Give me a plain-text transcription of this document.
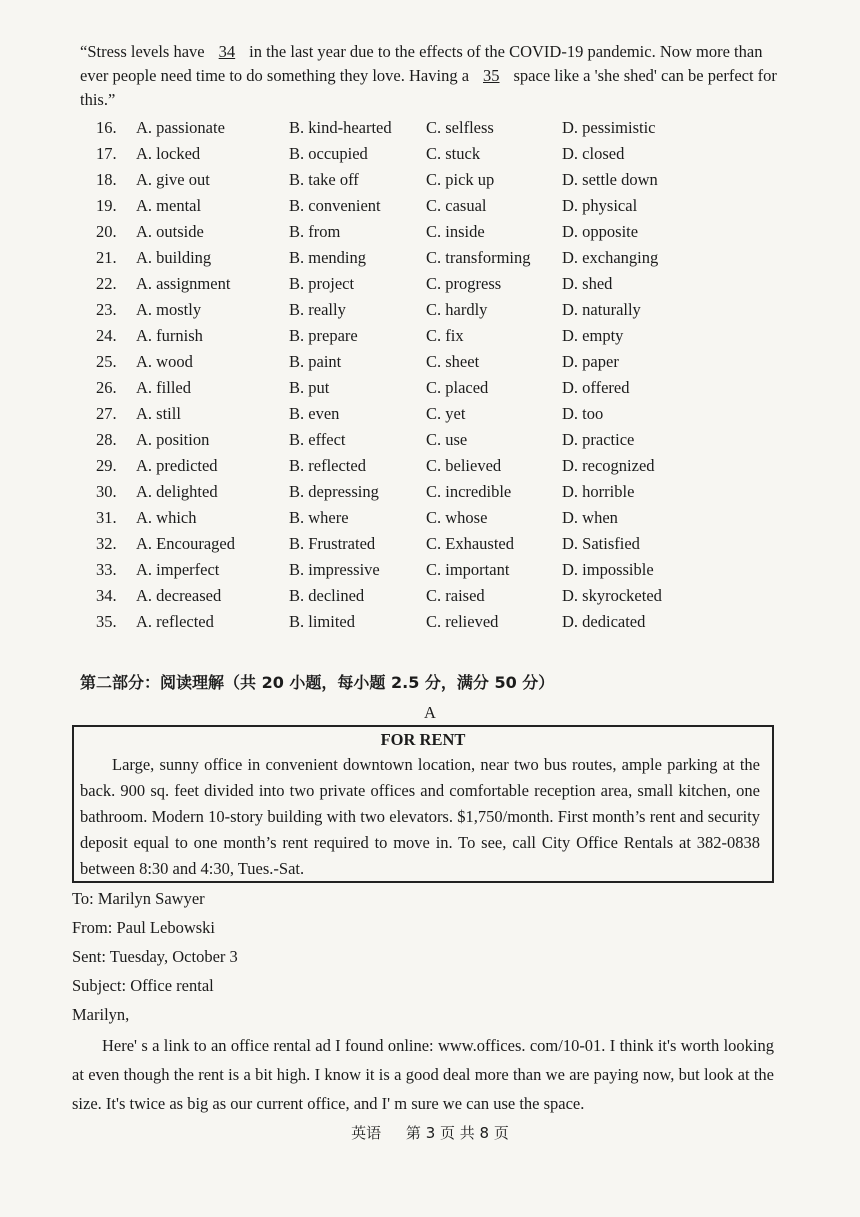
“Stress levels have 34 in the last year due to the effects of the COVID-19 pandemic. Now more than ever people need time to do something they love. Having a 35 space like a 'she shed' can be perfect for this.”
16. A. passionate	B. kind-hearted C. selfless	D. pessimistic
17. A. locked	B. occupied	C. stuck	D. closed
18. A. give out	B. take off	C. pick up	D. settle down
19. A. mental	B. convenient	C. casual	D. physical
20. A. outside	B. from	C. inside	D. opposite
21. A. building	B. mending	C. transforming D. exchanging
22. A. assignment	B. project	C. progress	D. shed
23. A. mostly	B. really	C. hardly	D. naturally
24. A. furnish	B. prepare	C. fix	D. empty
25. A. wood	B. paint	C. sheet	D. paper
26. A. filled	B. put	C. placed	D. offered
27. A. still	B. even	C. yet	D. too
28. A. position	B. effect	C. use	D. practice
29. A. predicted	B. reflected	C. believed	D. recognized
30. A. delighted	B. depressing	C. incredible	D. horrible
31. A. which	B. where	C. whose	D. when
32. A. Encouraged	B. Frustrated	C. Exhausted	D. Satisfied
33. A. imperfect	B. impressive	C. important	D. impossible
34. A. decreased	B. declined	C. raised	D. skyrocketed
35. A. reflected	B. limited	C. relieved	D. dedicated
第二部分：阅读理解（共 20 小题，每小题 2.5 分，满分 50 分）
A
FOR RENT
Large, sunny office in convenient downtown location, near two bus routes, ample parking at the back. 900 sq. feet divided into two private offices and comfortable reception area, small kitchen, one bathroom. Modern 10-story building with two elevators. $1,750/month. First month’s rent and security deposit equal to one month’s rent required to move in. To see, call City Office Rentals at 382-0838 between 8:30 and 4:30, Tues.-Sat.
To: Marilyn Sawyer
From: Paul Lebowski
Sent: Tuesday, October 3
Subject: Office rental
Marilyn,
Here' s a link to an office rental ad I found online: www.offices. com/10-01. I think it's worth looking at even though the rent is a bit high. I know it is a good deal more than we are paying now, but look at the size. It's twice as big as our current office, and I' m sure we can use the space.
英语 第 3 页 共 8 页
